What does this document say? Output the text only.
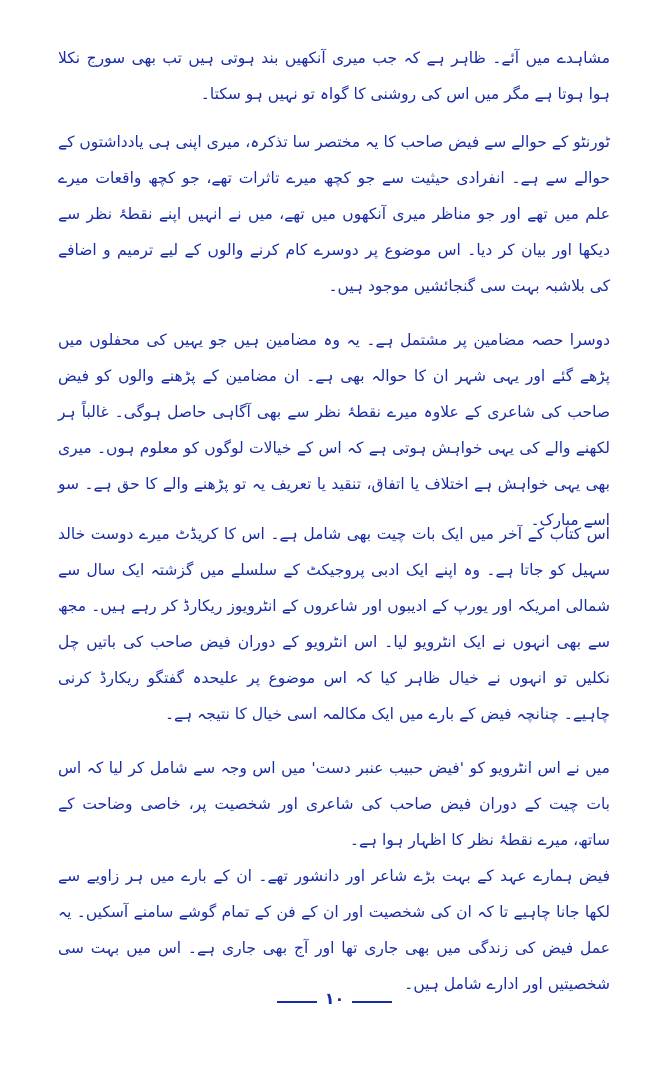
مشاہدے میں آئے۔ ظاہر ہے کہ جب میری آنکھیں بند ہوتی ہیں تب بھی سورج نکلا ہوا ہوتا ہے مگر میں اس کی روشنی کا گواہ تو نہیں ہو سکتا۔

ٹورنٹو کے حوالے سے فیض صاحب کا یہ مختصر سا تذکرہ، میری اپنی ہی یادداشتوں کے حوالے سے ہے۔ انفرادی حیثیت سے جو کچھ میرے تاثرات تھے، جو کچھ واقعات میرے علم میں تھے اور جو مناظر میری آنکھوں میں تھے، میں نے انہیں اپنے نقطۂ نظر سے دیکھا اور بیان کر دیا۔ اس موضوع پر دوسرے کام کرنے والوں کے لیے ترمیم و اضافے کی بلاشبہ بہت سی گنجائشیں موجود ہیں۔

دوسرا حصہ مضامین پر مشتمل ہے۔ یہ وہ مضامین ہیں جو یہیں کی محفلوں میں پڑھے گئے اور یہی شہر ان کا حوالہ بھی ہے۔ ان مضامین کے پڑھنے والوں کو فیض صاحب کی شاعری کے علاوہ میرے نقطۂ نظر سے بھی آگاہی حاصل ہوگی۔ غالباً ہر لکھنے والے کی یہی خواہش ہوتی ہے کہ اس کے خیالات لوگوں کو معلوم ہوں۔ میری بھی یہی خواہش ہے اختلاف یا اتفاق، تنقید یا تعریف یہ تو پڑھنے والے کا حق ہے۔ سو اسے مبارک۔

اس کتاب کے آخر میں ایک بات چیت بھی شامل ہے۔ اس کا کریڈٹ میرے دوست خالد سہیل کو جاتا ہے۔ وہ اپنے ایک ادبی پروجیکٹ کے سلسلے میں گزشتہ ایک سال سے شمالی امریکہ اور یورپ کے ادیبوں اور شاعروں کے انٹرویوز ریکارڈ کر رہے ہیں۔ مجھ سے بھی انہوں نے ایک انٹرویو لیا۔ اس انٹرویو کے دوران فیض صاحب کی باتیں چل نکلیں تو انہوں نے خیال ظاہر کیا کہ اس موضوع پر علیحدہ گفتگو ریکارڈ کرنی چاہیے۔ چنانچہ فیض کے بارے میں ایک مکالمہ اسی خیال کا نتیجہ ہے۔

میں نے اس انٹرویو کو 'فیض حبیب عنبر دست' میں اس وجہ سے شامل کر لیا کہ اس بات چیت کے دوران فیض صاحب کی شاعری اور شخصیت پر، خاصی وضاحت کے ساتھ، میرے نقطۂ نظر کا اظہار ہوا ہے۔

فیض ہمارے عہد کے بہت بڑے شاعر اور دانشور تھے۔ ان کے بارے میں ہر زاویے سے لکھا جانا چاہیے تا کہ ان کی شخصیت اور ان کے فن کے تمام گوشے سامنے آسکیں۔ یہ عمل فیض کی زندگی میں بھی جاری تھا اور آج بھی جاری ہے۔ اس میں بہت سی شخصیتیں اور ادارے شامل ہیں۔

۱۰
